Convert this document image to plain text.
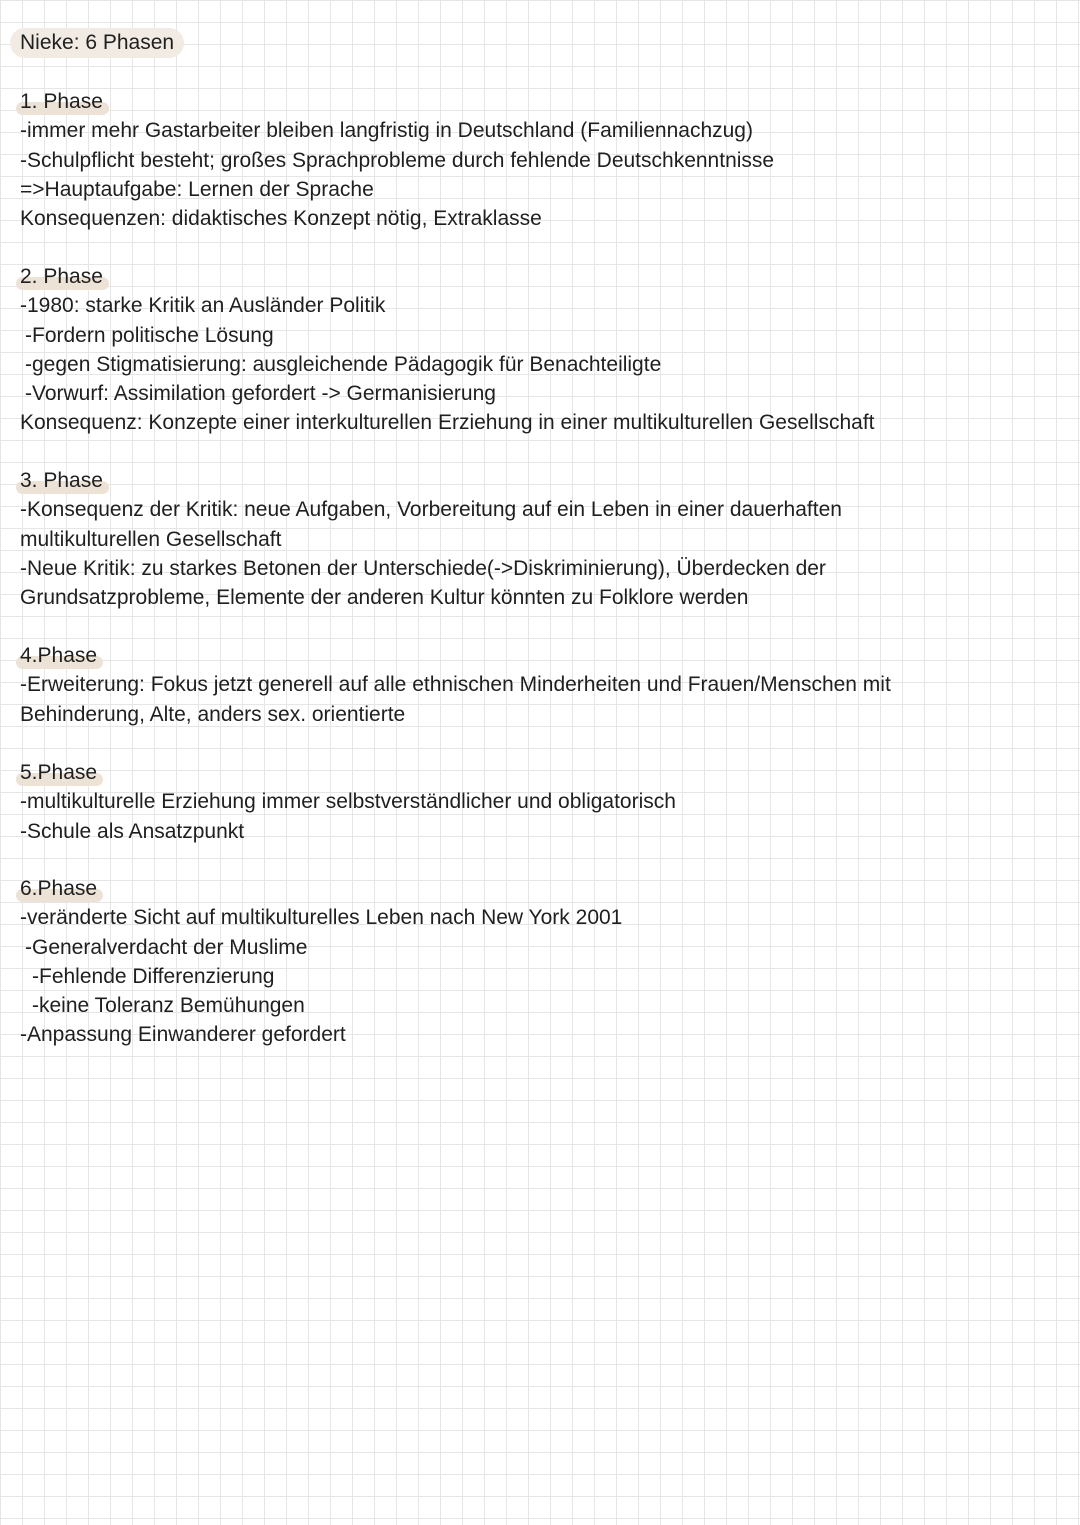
Nieke: 6 Phasen
1. Phase
-immer mehr Gastarbeiter bleiben langfristig in Deutschland (Familiennachzug)
-Schulpflicht besteht; großes Sprachprobleme durch fehlende Deutschkenntnisse
=>Hauptaufgabe: Lernen der Sprache
Konsequenzen: didaktisches Konzept nötig, Extraklasse
2. Phase
-1980: starke Kritik an Ausländer Politik
-Fordern politische Lösung
-gegen Stigmatisierung: ausgleichende Pädagogik für Benachteiligte
-Vorwurf: Assimilation gefordert -> Germanisierung
Konsequenz: Konzepte einer interkulturellen Erziehung in einer multikulturellen Gesellschaft
3. Phase
-Konsequenz der Kritik: neue Aufgaben, Vorbereitung auf ein Leben in einer dauerhaften
multikulturellen Gesellschaft
-Neue Kritik: zu starkes Betonen der Unterschiede(->Diskriminierung), Überdecken der
Grundsatzprobleme, Elemente der anderen Kultur könnten zu Folklore werden
4.Phase
-Erweiterung: Fokus jetzt generell auf alle ethnischen Minderheiten und Frauen/Menschen mit
Behinderung, Alte, anders sex. orientierte
5.Phase
-multikulturelle Erziehung immer selbstverständlicher und obligatorisch
-Schule als Ansatzpunkt
6.Phase
-veränderte Sicht auf multikulturelles Leben nach New York 2001
-Generalverdacht der Muslime
-Fehlende Differenzierung
-keine Toleranz Bemühungen
-Anpassung Einwanderer gefordert
